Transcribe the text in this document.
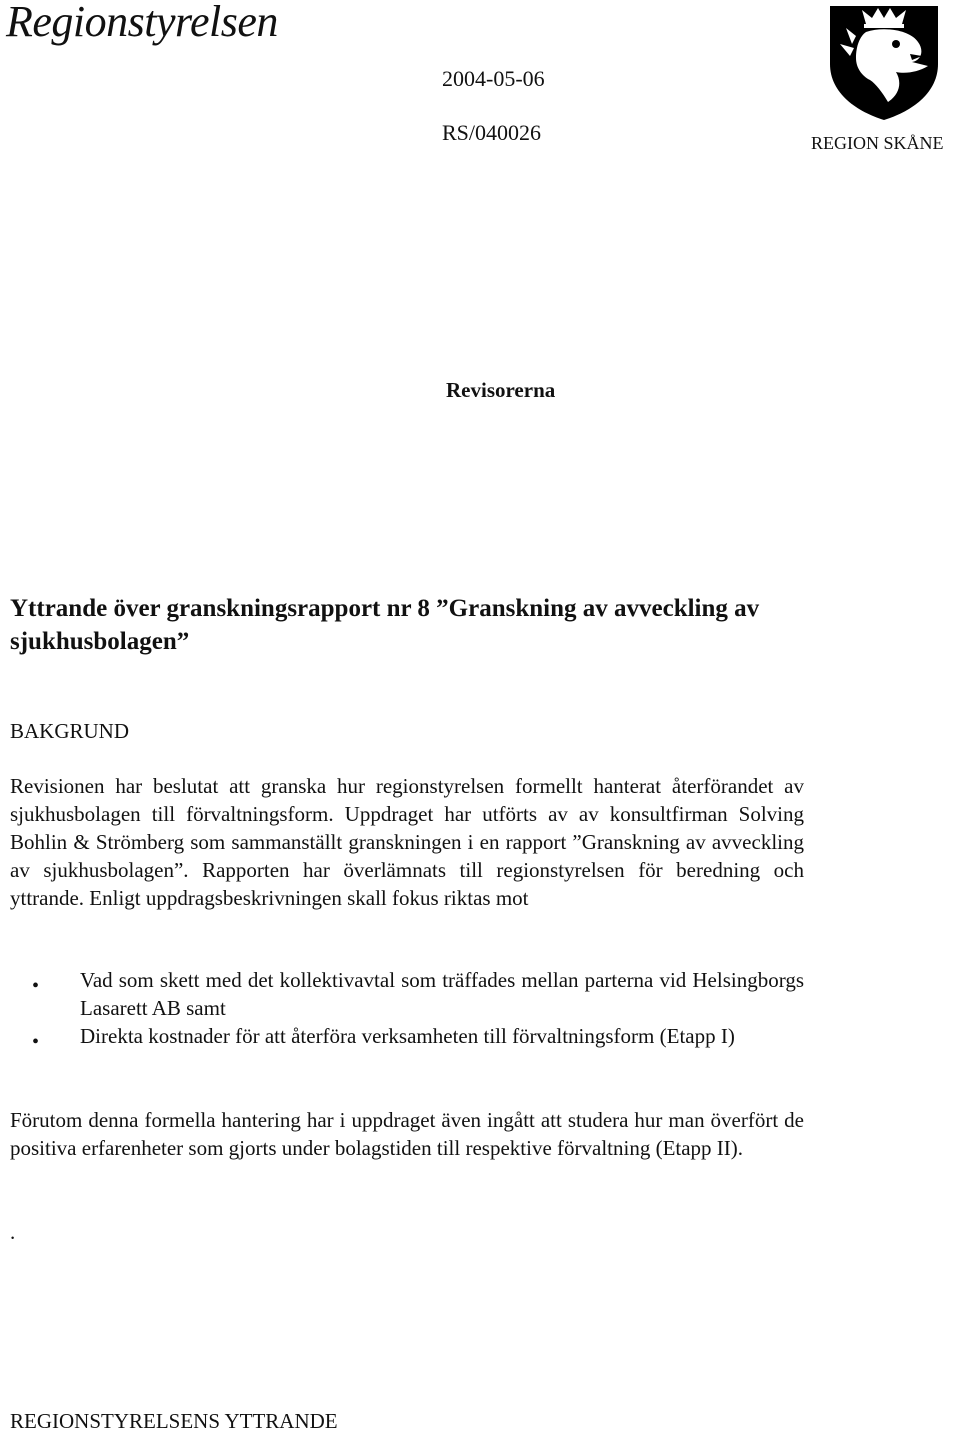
Regionstyrelsen
2004-05-06
RS/040026	REGION SKÅNE
Revisorerna
Yttrande över granskningsrapport nr 8 ”Granskning av avveckling av sjukhusbolagen”
BAKGRUND
Revisionen har beslutat att granska hur regionstyrelsen formellt hanterat återförandet av sjukhusbolagen till förvaltningsform. Uppdraget har utförts av av konsultfirman Solving Bohlin & Strömberg som sammanställt granskningen i en rapport ”Granskning av avveckling av sjukhusbolagen”. Rapporten har överlämnats till regionstyrelsen för beredning och yttrande. Enligt uppdragsbeskrivningen skall fokus riktas mot
• Vad som skett med det kollektivavtal som träffades mellan parterna vid Helsingborgs Lasarett AB samt
• Direkta kostnader för att återföra verksamheten till förvaltningsform (Etapp I)
Förutom denna formella hantering har i uppdraget även ingått att studera hur man överfört de positiva erfarenheter som gjorts under bolagstiden till respektive förvaltning (Etapp II).
.
REGIONSTYRELSENS YTTRANDE
